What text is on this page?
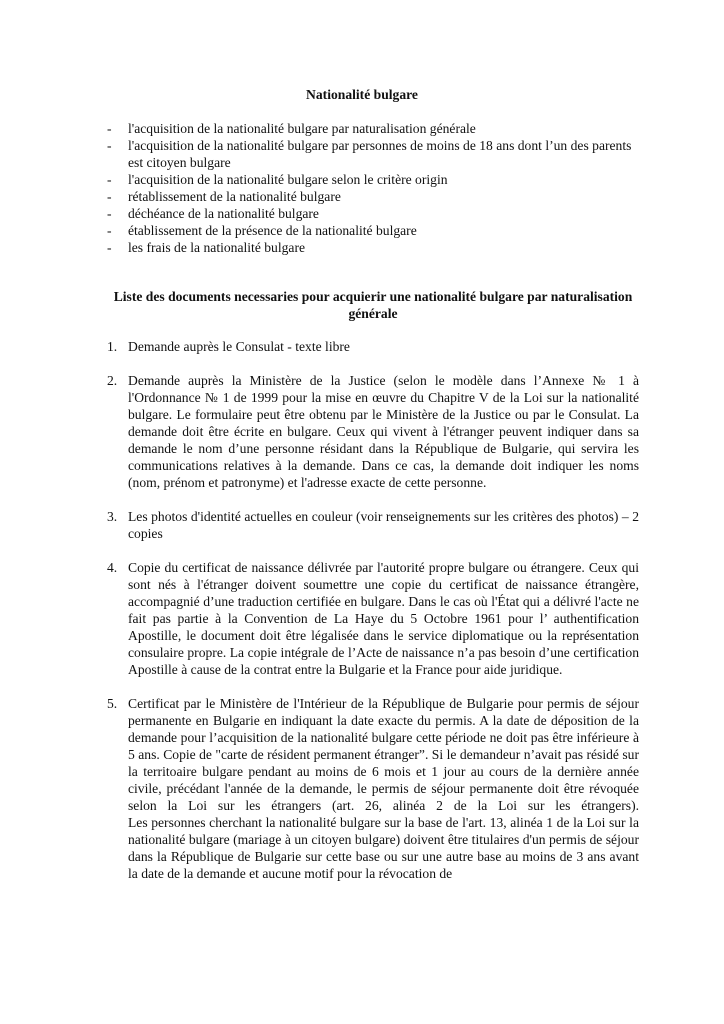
Nationalité bulgare
- l'acquisition de la nationalité bulgare par naturalisation générale
- l'acquisition de la nationalité bulgare par personnes de moins de 18 ans dont l’un des parents est citoyen bulgare
- l'acquisition de la nationalité bulgare selon le critère origin
- rétablissement de la nationalité bulgare
- déchéance de la nationalité bulgare
- établissement de la présence de la nationalité bulgare
- les frais de la nationalité bulgare
Liste des documents necessaries pour acquierir une nationalité bulgare par naturalisation générale
1. Demande auprès le Consulat - texte libre

2. Demande auprès la Ministère de la Justice (selon le modèle dans l’Annexe № 1 à l'Ordonnance № 1 de 1999 pour la mise en œuvre du Chapitre V de la Loi sur la nationalité bulgare. Le formulaire peut être obtenu par le Ministère de la Justice ou par le Consulat. La demande doit être écrite en bulgare. Ceux qui vivent à l'étranger peuvent indiquer dans sa demande le nom d’une personne résidant dans la République de Bulgarie, qui servira les communications relatives à la demande. Dans ce cas, la demande doit indiquer les noms (nom, prénom et patronyme) et l'adresse exacte de cette personne.

3. Les photos d'identité actuelles en couleur (voir renseignements sur les critères des photos) – 2 copies

4. Copie du certificat de naissance délivrée par l'autorité propre bulgare ou étrangere. Ceux qui sont nés à l'étranger doivent soumettre une copie du certificat de naissance étrangère, accompagnié d’une traduction certifiée en bulgare. Dans le cas où l'État qui a délivré l'acte ne fait pas partie à la Convention de La Haye du 5 Octobre 1961 pour l’ authentification Apostille, le document doit être légalisée dans le service diplomatique ou la représentation consulaire propre. La copie intégrale de l’Acte de naissance n’a pas besoin d’une certification Apostille à cause de la contrat entre la Bulgarie et la France pour aide juridique.

5. Certificat par le Ministère de l'Intérieur de la République de Bulgarie pour permis de séjour permanente en Bulgarie en indiquant la date exacte du permis. A la date de déposition de la demande pour l’acquisition de la nationalité bulgare cette période ne doit pas être inférieure à 5 ans. Copie de "carte de résident permanent étranger”. Si le demandeur n’avait pas résidé sur la territoaire bulgare pendant au moins de 6 mois et 1 jour au cours de la dernière année civile, précédant l'année de la demande, le permis de séjour permanente doit être révoquée selon la Loi sur les étrangers (art. 26, alinéa 2 de la Loi sur les étrangers).

Les personnes cherchant la nationalité bulgare sur la base de l'art. 13, alinéa 1 de la Loi sur la nationalité bulgare (mariage à un citoyen bulgare) doivent être titulaires d'un permis de séjour dans la République de Bulgarie sur cette base ou sur une autre base au moins de 3 ans avant la date de la demande et aucune motif pour la révocation de
